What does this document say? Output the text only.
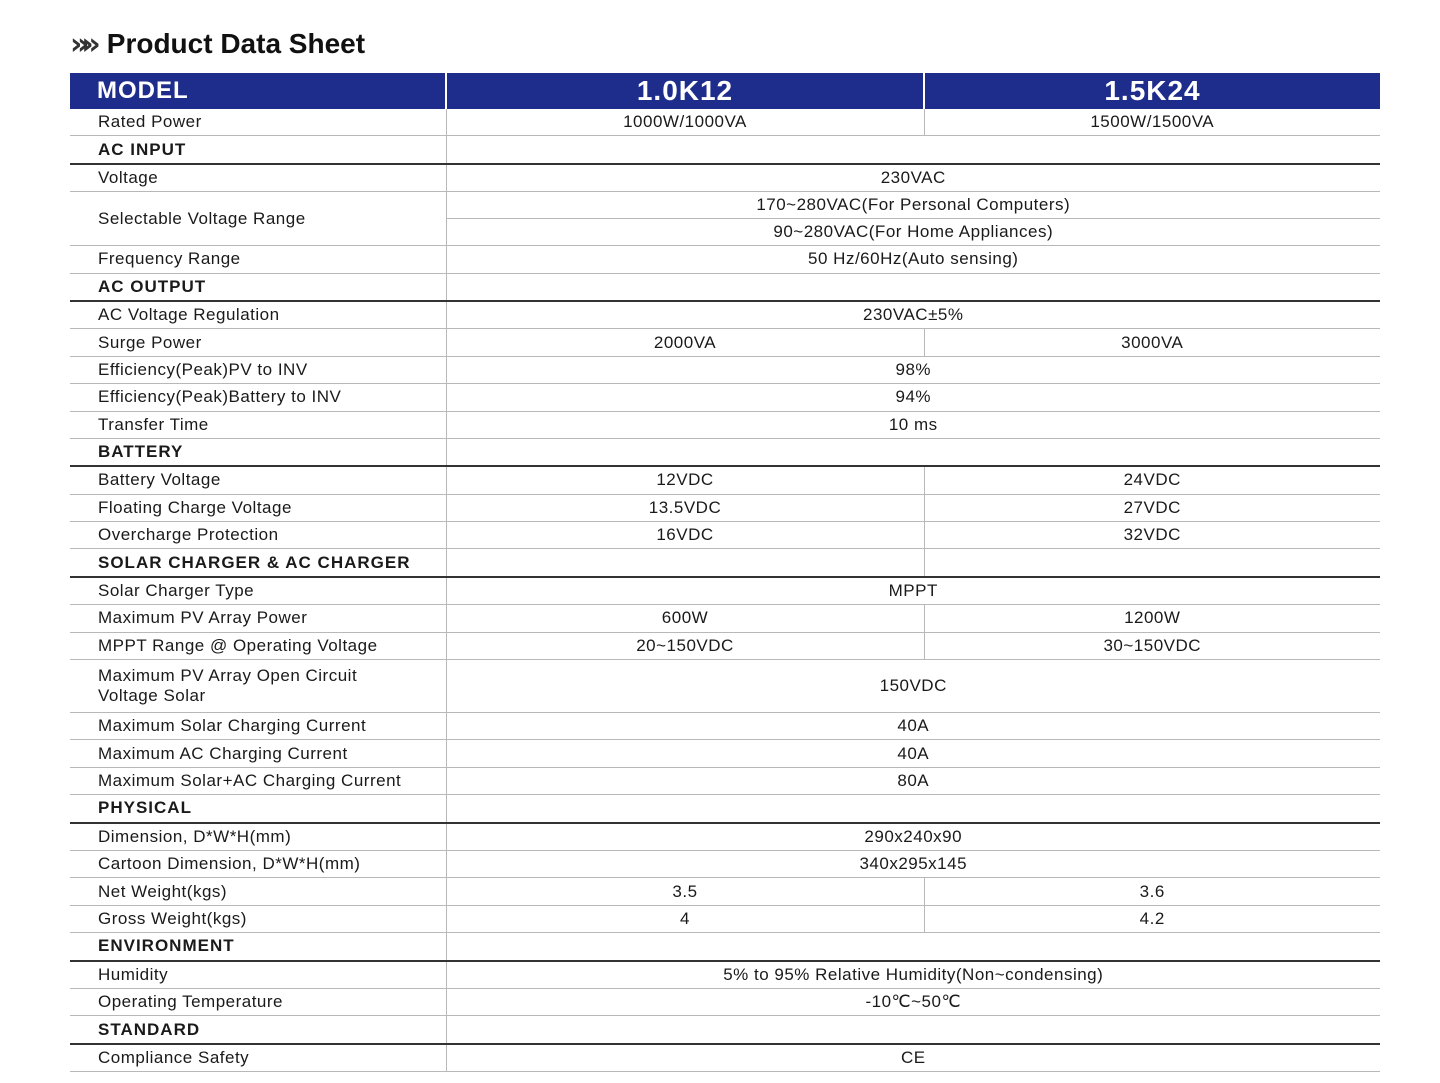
»» Product Data Sheet
MODEL	1.0K12	1.5K24
Rated Power	1000W/1000VA	1500W/1500VA
AC INPUT		
Voltage	230VAC	
Selectable Voltage Range	170~280VAC(For Personal Computers)	
	90~280VAC(For Home Appliances)	
Frequency Range	50 Hz/60Hz(Auto sensing)	
AC OUTPUT		
AC Voltage Regulation	230VAC±5%	
Surge Power	2000VA	3000VA
Efficiency(Peak)PV to INV	98%	
Efficiency(Peak)Battery to INV	94%	
Transfer Time	10 ms	
BATTERY		
Battery Voltage	12VDC	24VDC
Floating Charge Voltage	13.5VDC	27VDC
Overcharge Protection	16VDC	32VDC
SOLAR CHARGER & AC CHARGER		
Solar Charger Type	MPPT	
Maximum PV Array Power	600W	1200W
MPPT Range @ Operating Voltage	20~150VDC	30~150VDC
Maximum PV Array Open Circuit
Voltage Solar	150VDC	
Maximum Solar Charging Current	40A	
Maximum AC Charging Current	40A	
Maximum Solar+AC Charging Current	80A	
PHYSICAL		
Dimension, D*W*H(mm)	290x240x90	
Cartoon Dimension, D*W*H(mm)	340x295x145	
Net Weight(kgs)	3.5	3.6
Gross Weight(kgs)	4	4.2
ENVIRONMENT		
Humidity	5% to 95% Relative Humidity(Non~condensing)	
Operating Temperature	-10℃~50℃	
STANDARD		
Compliance Safety	CE	
